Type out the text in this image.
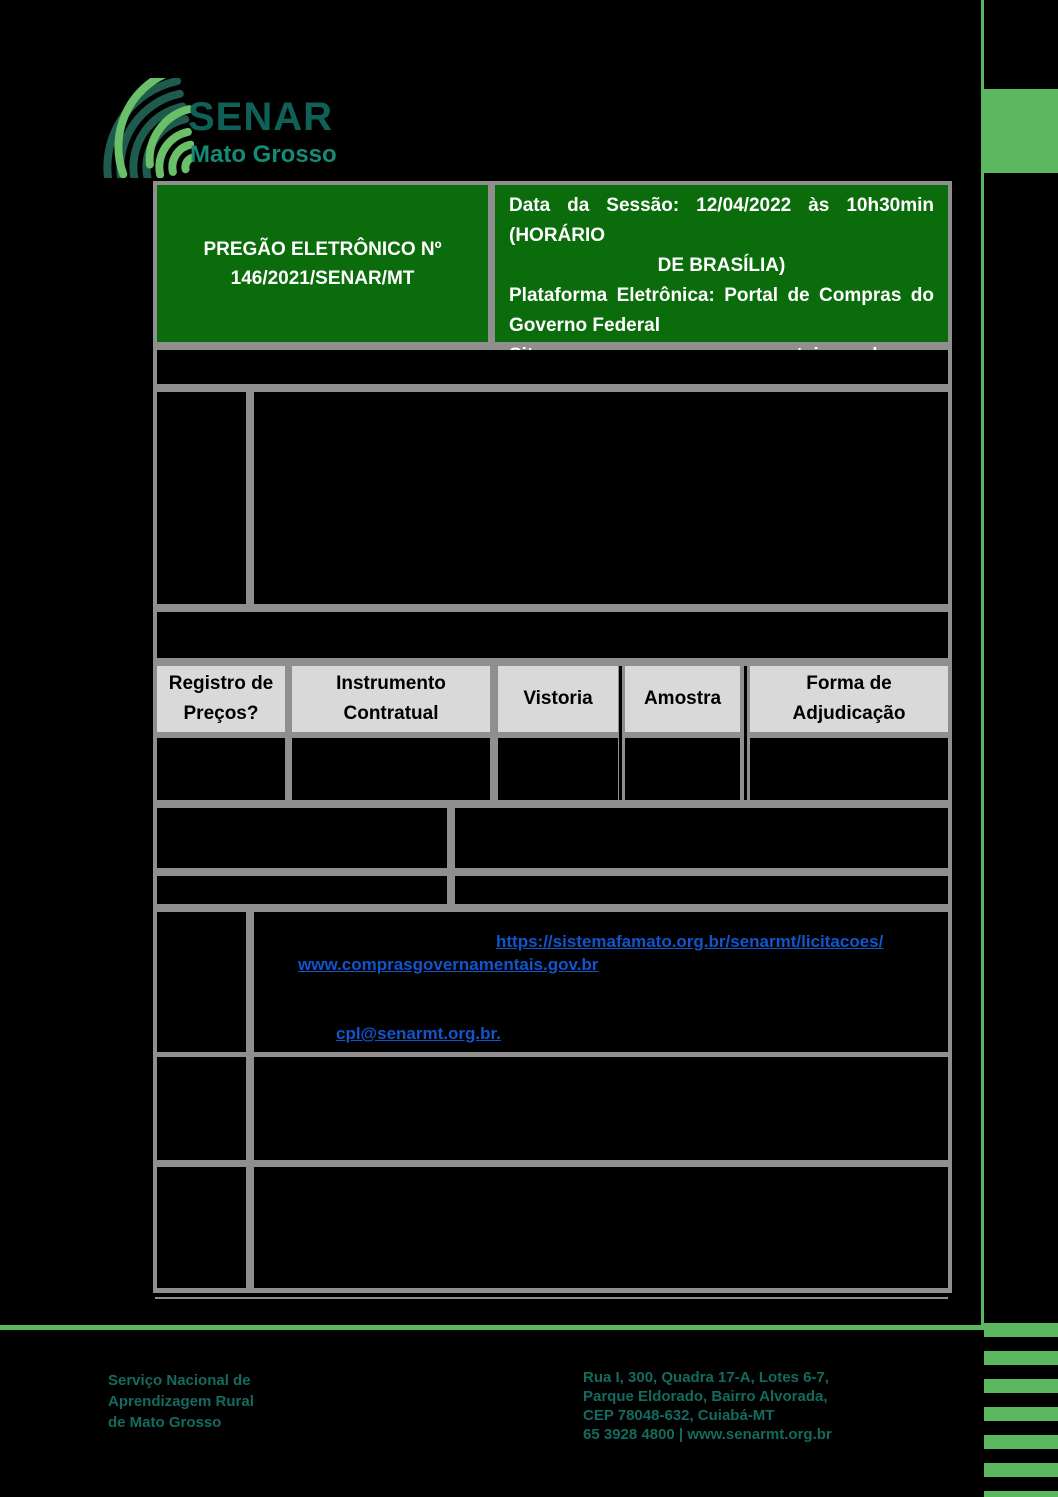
SENAR
Mato Grosso
PREGÃO ELETRÔNICO Nº
146/2021/SENAR/MT
Data da Sessão: 12/04/2022 às 10h30min (HORÁRIO
DE BRASÍLIA)
Plataforma Eletrônica: Portal de Compras do
Governo Federal
Registro de
Preços?
Instrumento
Contratual
Vistoria	Amostra
Forma de
Adjudicação
https://sistemafamato.org.br/senarmt/licitacoes/
www.comprasgovernamentais.gov.br
cpl@senarmt.org.br.
Serviço Nacional de
Aprendizagem Rural
de Mato Grosso
Rua I, 300, Quadra 17-A, Lotes 6-7,
Parque Eldorado, Bairro Alvorada,
CEP 78048-632, Cuiabá-MT
65 3928 4800 | www.senarmt.org.br
